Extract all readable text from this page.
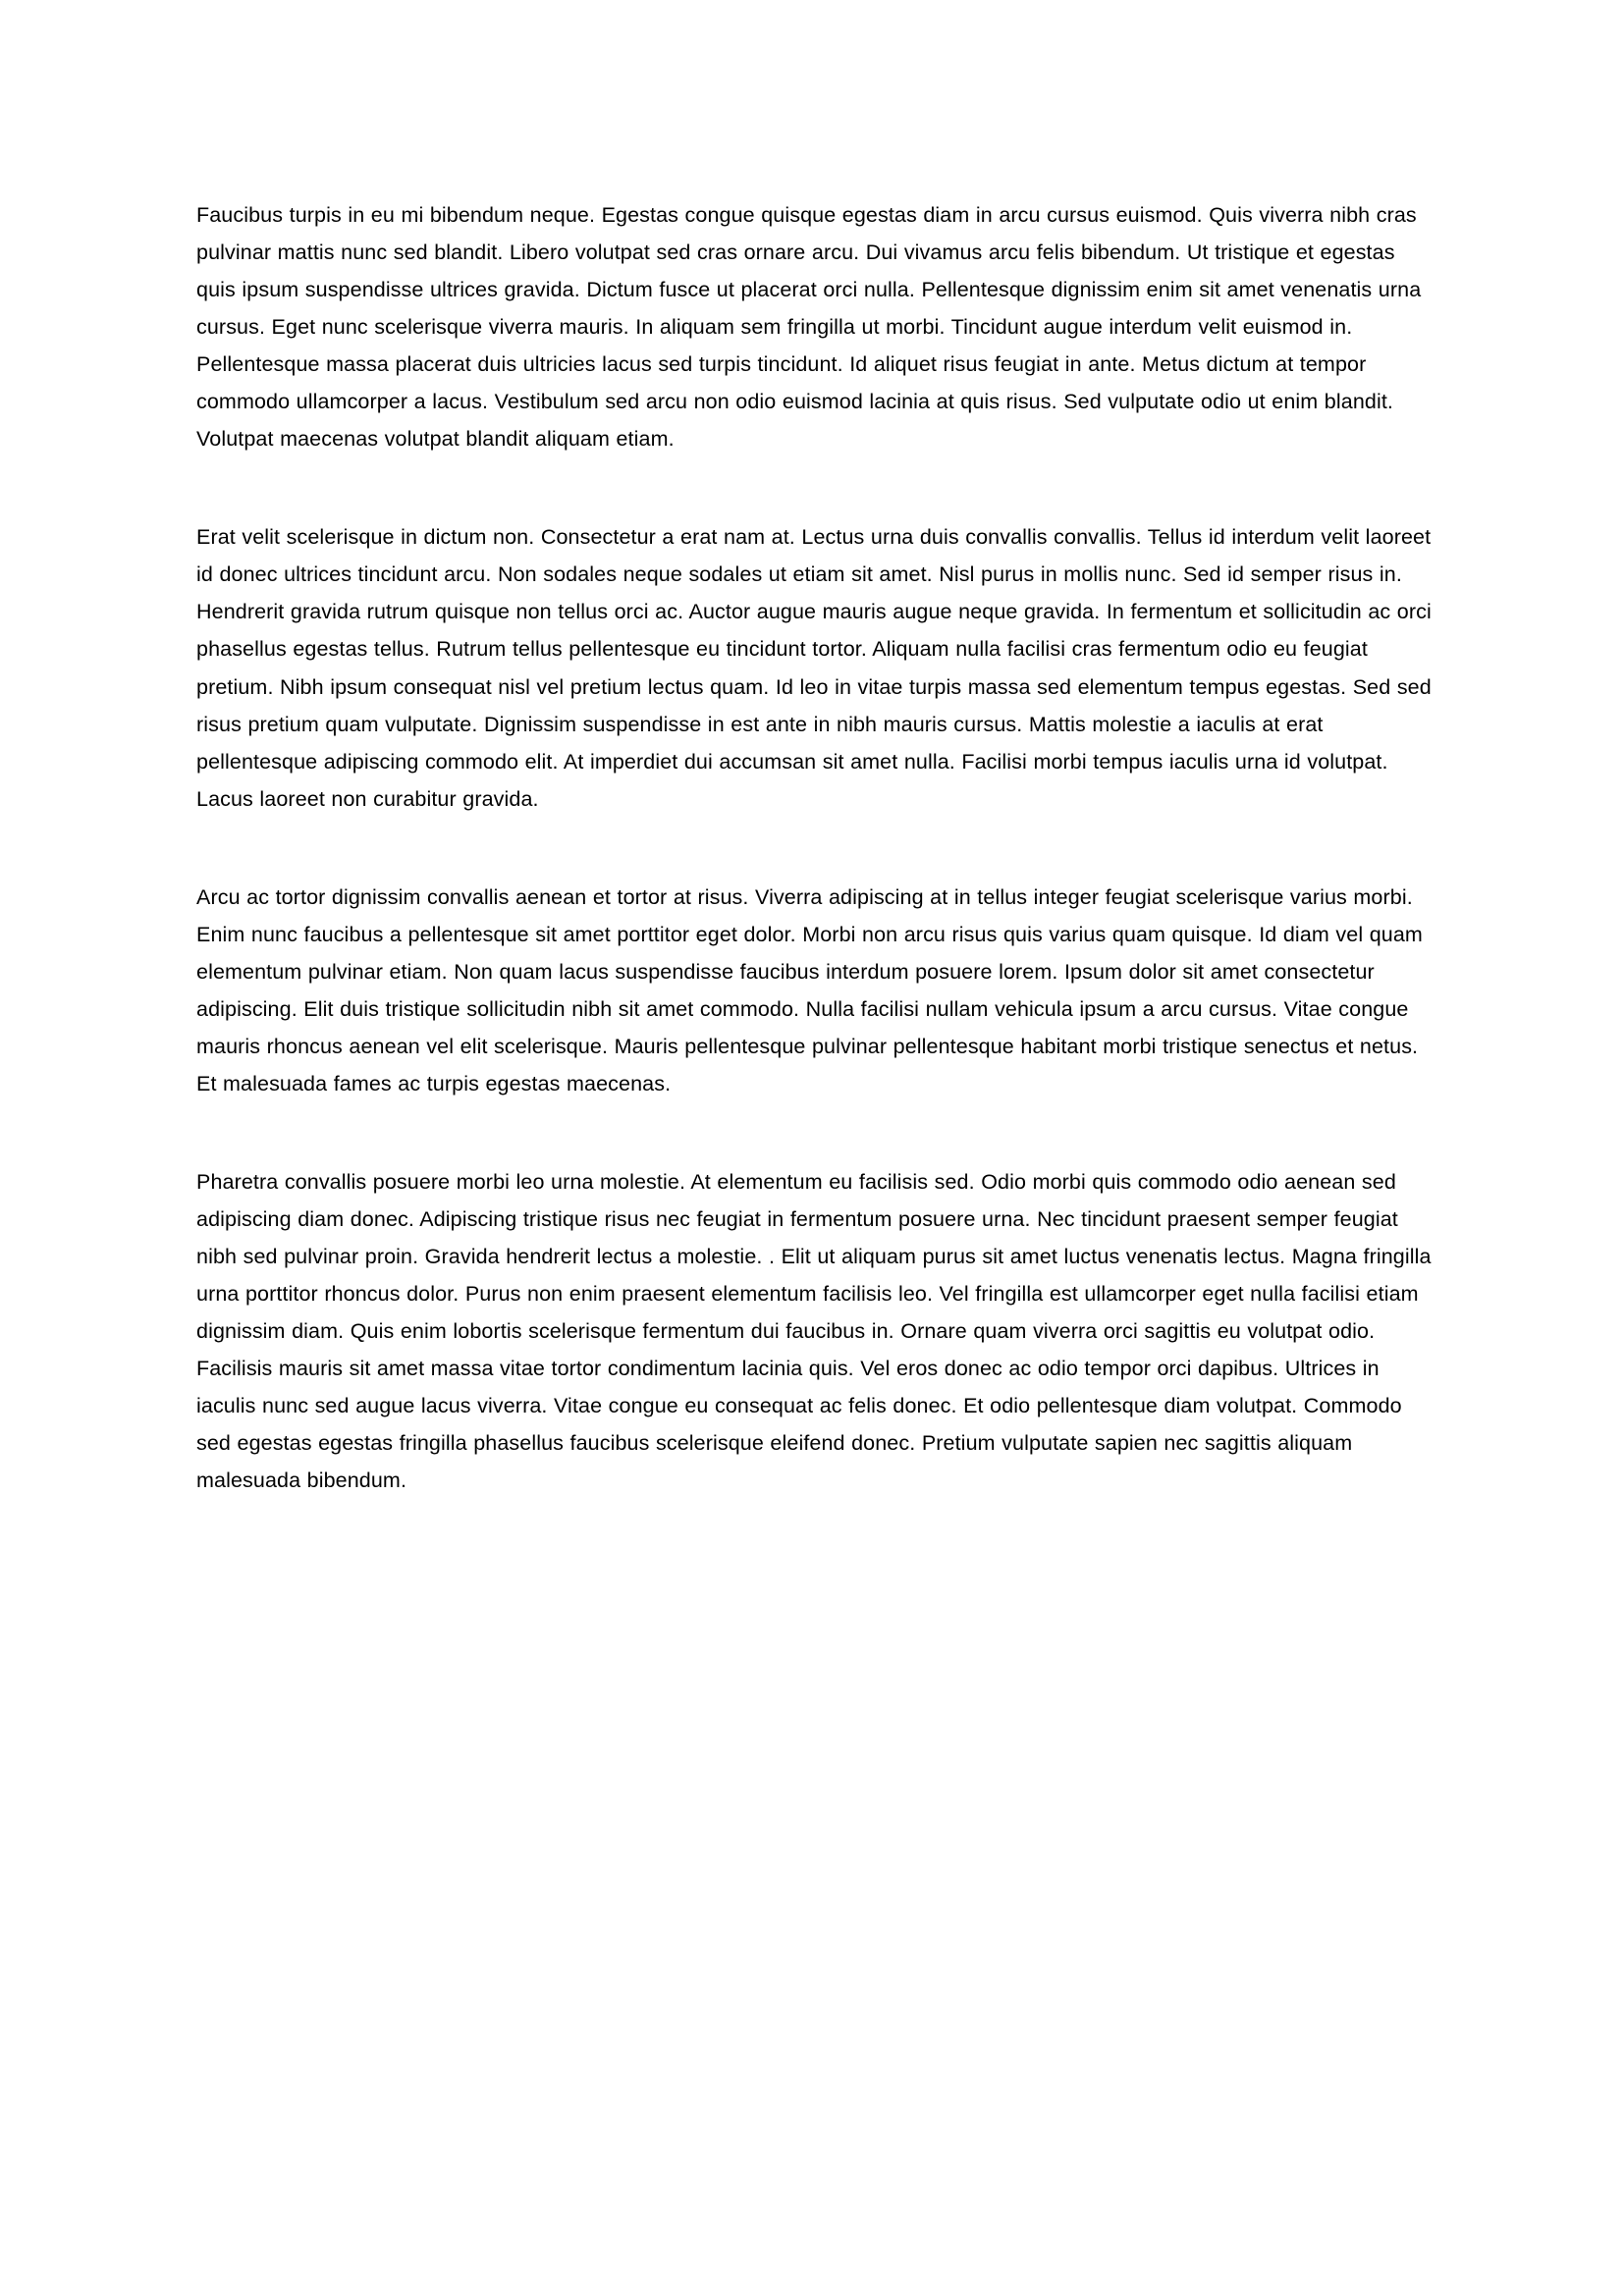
Faucibus turpis in eu mi bibendum neque. Egestas congue quisque egestas diam in arcu cursus euismod. Quis viverra nibh cras pulvinar mattis nunc sed blandit. Libero volutpat sed cras ornare arcu. Dui vivamus arcu felis bibendum. Ut tristique et egestas quis ipsum suspendisse ultrices gravida. Dictum fusce ut placerat orci nulla. Pellentesque dignissim enim sit amet venenatis urna cursus. Eget nunc scelerisque viverra mauris. In aliquam sem fringilla ut morbi. Tincidunt augue interdum velit euismod in. Pellentesque massa placerat duis ultricies lacus sed turpis tincidunt. Id aliquet risus feugiat in ante. Metus dictum at tempor commodo ullamcorper a lacus. Vestibulum sed arcu non odio euismod lacinia at quis risus. Sed vulputate odio ut enim blandit. Volutpat maecenas volutpat blandit aliquam etiam.

Erat velit scelerisque in dictum non. Consectetur a erat nam at. Lectus urna duis convallis convallis. Tellus id interdum velit laoreet id donec ultrices tincidunt arcu. Non sodales neque sodales ut etiam sit amet. Nisl purus in mollis nunc. Sed id semper risus in. Hendrerit gravida rutrum quisque non tellus orci ac. Auctor augue mauris augue neque gravida. In fermentum et sollicitudin ac orci phasellus egestas tellus. Rutrum tellus pellentesque eu tincidunt tortor. Aliquam nulla facilisi cras fermentum odio eu feugiat pretium. Nibh ipsum consequat nisl vel pretium lectus quam. Id leo in vitae turpis massa sed elementum tempus egestas. Sed sed risus pretium quam vulputate. Dignissim suspendisse in est ante in nibh mauris cursus. Mattis molestie a iaculis at erat pellentesque adipiscing commodo elit. At imperdiet dui accumsan sit amet nulla. Facilisi morbi tempus iaculis urna id volutpat. Lacus laoreet non curabitur gravida.

Arcu ac tortor dignissim convallis aenean et tortor at risus. Viverra adipiscing at in tellus integer feugiat scelerisque varius morbi. Enim nunc faucibus a pellentesque sit amet porttitor eget dolor. Morbi non arcu risus quis varius quam quisque. Id diam vel quam elementum pulvinar etiam. Non quam lacus suspendisse faucibus interdum posuere lorem. Ipsum dolor sit amet consectetur adipiscing. Elit duis tristique sollicitudin nibh sit amet commodo. Nulla facilisi nullam vehicula ipsum a arcu cursus. Vitae congue mauris rhoncus aenean vel elit scelerisque. Mauris pellentesque pulvinar pellentesque habitant morbi tristique senectus et netus. Et malesuada fames ac turpis egestas maecenas.

Pharetra convallis posuere morbi leo urna molestie. At elementum eu facilisis sed. Odio morbi quis commodo odio aenean sed adipiscing diam donec. Adipiscing tristique risus nec feugiat in fermentum posuere urna. Nec tincidunt praesent semper feugiat nibh sed pulvinar proin. Gravida hendrerit lectus a molestie. . Elit ut aliquam purus sit amet luctus venenatis lectus. Magna fringilla urna porttitor rhoncus dolor. Purus non enim praesent elementum facilisis leo. Vel fringilla est ullamcorper eget nulla facilisi etiam dignissim diam. Quis enim lobortis scelerisque fermentum dui faucibus in. Ornare quam viverra orci sagittis eu volutpat odio. Facilisis mauris sit amet massa vitae tortor condimentum lacinia quis. Vel eros donec ac odio tempor orci dapibus. Ultrices in iaculis nunc sed augue lacus viverra. Vitae congue eu consequat ac felis donec. Et odio pellentesque diam volutpat. Commodo sed egestas egestas fringilla phasellus faucibus scelerisque eleifend donec. Pretium vulputate sapien nec sagittis aliquam malesuada bibendum.
